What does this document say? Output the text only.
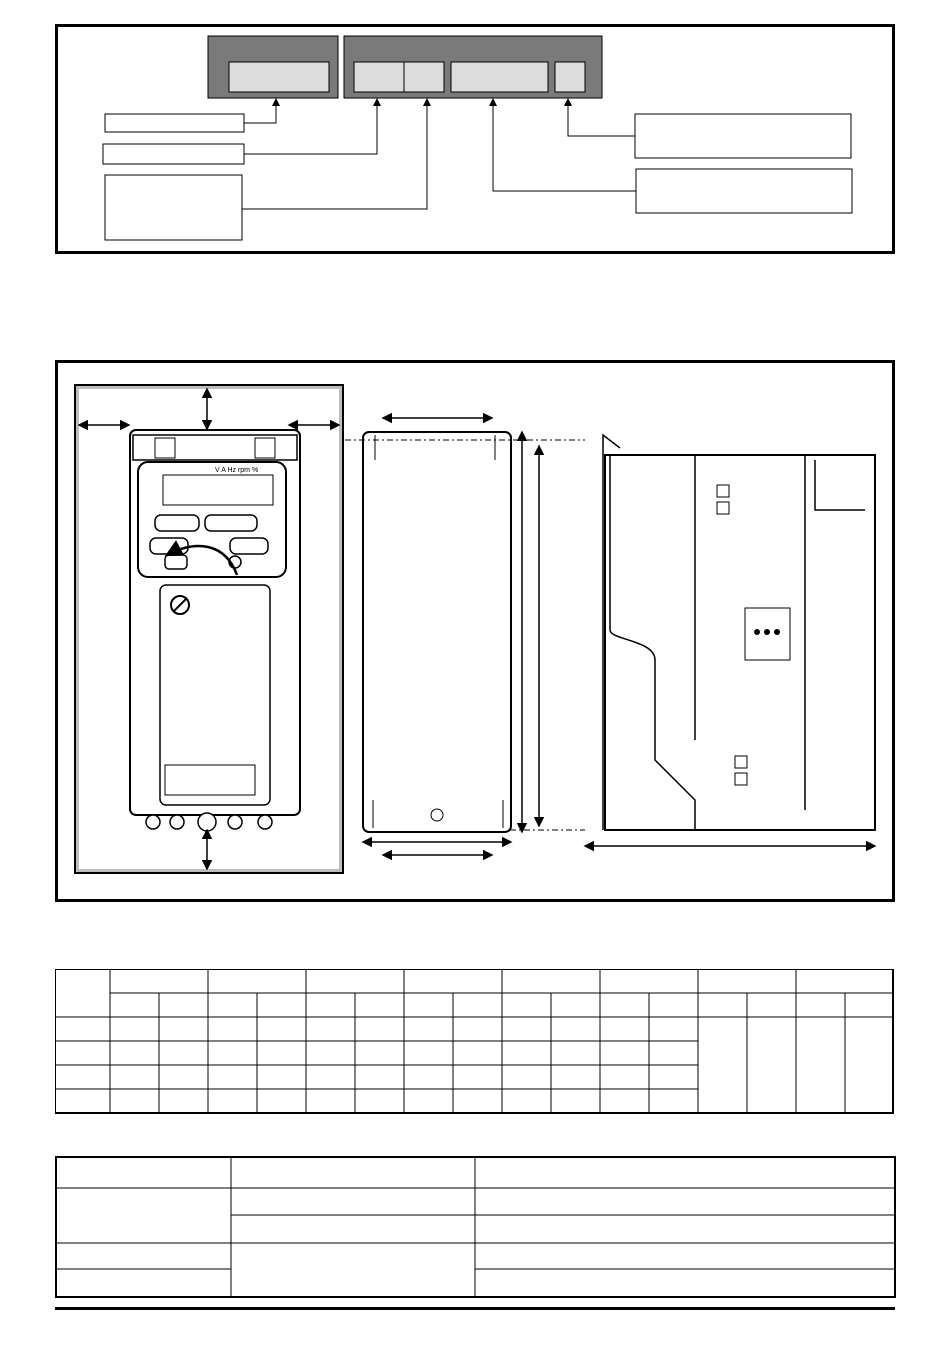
V A Hz rpm %
